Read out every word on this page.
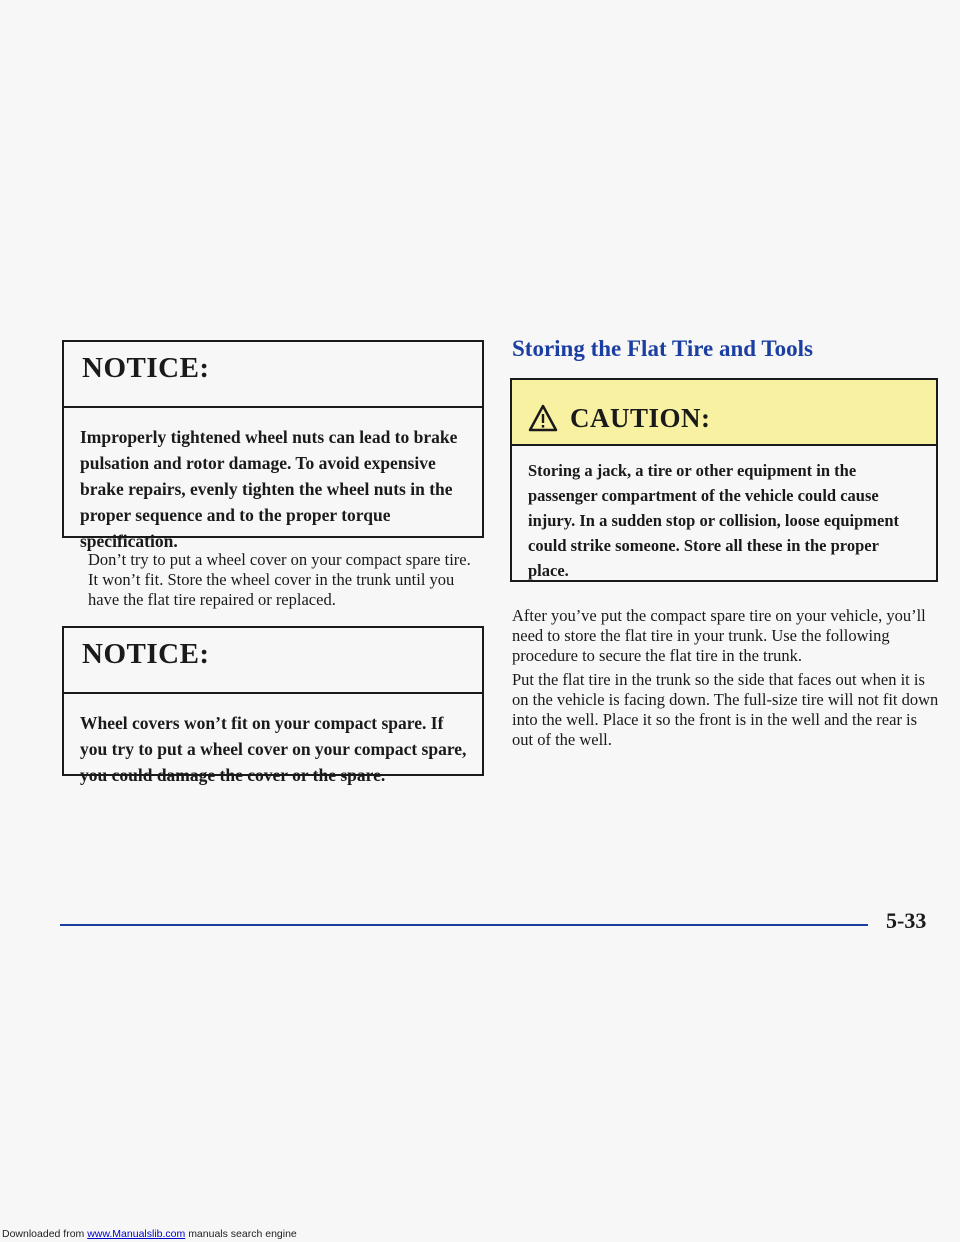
NOTICE:
Improperly tightened wheel nuts can lead to brake pulsation and rotor damage. To avoid expensive brake repairs, evenly tighten the wheel nuts in the proper sequence and to the proper torque specification.
Don’t try to put a wheel cover on your compact spare tire. It won’t fit. Store the wheel cover in the trunk until you have the flat tire repaired or replaced.
NOTICE:
Wheel covers won’t fit on your compact spare. If you try to put a wheel cover on your compact spare, you could damage the cover or the spare.
Storing the Flat Tire and Tools
CAUTION:
Storing a jack, a tire or other equipment in the passenger compartment of the vehicle could cause injury. In a sudden stop or collision, loose equipment could strike someone. Store all these in the proper place.
After you’ve put the compact spare tire on your vehicle, you’ll need to store the flat tire in your trunk. Use the following procedure to secure the flat tire in the trunk.
Put the flat tire in the trunk so the side that faces out when it is on the vehicle is facing down. The full-size tire will not fit down into the well. Place it so the front is in the well and the rear is out of the well.
5-33
Downloaded from www.Manualslib.com manuals search engine
